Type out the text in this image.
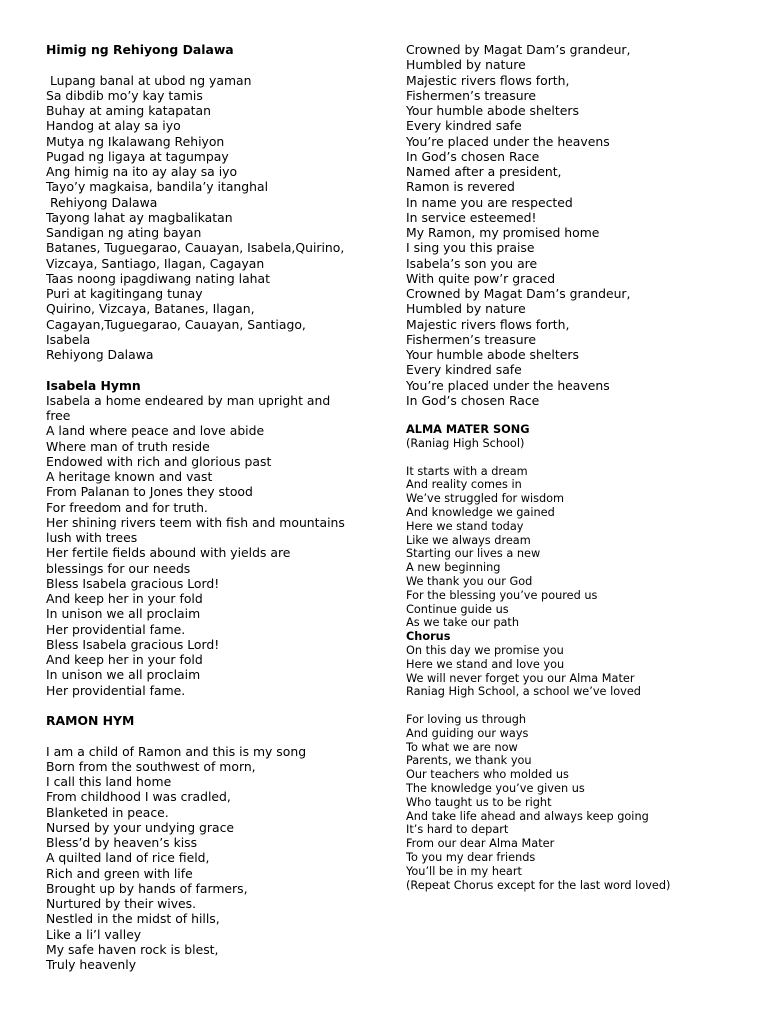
Himig ng Rehiyong Dalawa

Lupang banal at ubod ng yaman

Sa dibdib mo’y kay tamis

Buhay at aming katapatan

Handog at alay sa iyo

Mutya ng Ikalawang Rehiyon

Pugad ng ligaya at tagumpay

Ang himig na ito ay alay sa iyo

Tayo’y magkaisa, bandila’y itanghal

Rehiyong Dalawa

Tayong lahat ay magbalikatan

Sandigan ng ating bayan

Batanes, Tuguegarao, Cauayan, Isabela,Quirino,

Vizcaya, Santiago, Ilagan, Cagayan

Taas noong ipagdiwang nating lahat

Puri at kagitingang tunay

Quirino, Vizcaya, Batanes, Ilagan,

Cagayan,Tuguegarao, Cauayan, Santiago,

Isabela

Rehiyong Dalawa

Isabela Hymn

Isabela a home endeared by man upright and

free

A land where peace and love abide

Where man of truth reside

Endowed with rich and glorious past

A heritage known and vast

From Palanan to Jones they stood

For freedom and for truth.

Her shining rivers teem with fish and mountains

lush with trees

Her fertile fields abound with yields are

blessings for our needs

Bless Isabela gracious Lord!

And keep her in your fold

In unison we all proclaim

Her providential fame.

Bless Isabela gracious Lord!

And keep her in your fold

In unison we all proclaim

Her providential fame.

RAMON HYM

I am a child of Ramon and this is my song

Born from the southwest of morn,

I call this land home

From childhood I was cradled,

Blanketed in peace.

Nursed by your undying grace

Bless’d by heaven’s kiss

A quilted land of rice field,

Rich and green with life

Brought up by hands of farmers,

Nurtured by their wives.

Nestled in the midst of hills,

Like a li’l valley

My safe haven rock is blest,

Truly heavenly

Crowned by Magat Dam’s grandeur,

Humbled by nature

Majestic rivers flows forth,

Fishermen’s treasure

Your humble abode shelters

Every kindred safe

You’re placed under the heavens

In God’s chosen Race

Named after a president,

Ramon is revered

In name you are respected

In service esteemed!

My Ramon, my promised home

I sing you this praise

Isabela’s son you are

With quite pow’r graced

Crowned by Magat Dam’s grandeur,

Humbled by nature

Majestic rivers flows forth,

Fishermen’s treasure

Your humble abode shelters

Every kindred safe

You’re placed under the heavens

In God’s chosen Race

ALMA MATER SONG

(Raniag High School)

It starts with a dream

And reality comes in

We’ve struggled for wisdom

And knowledge we gained

Here we stand today

Like we always dream

Starting our lives a new

A new beginning

We thank you our God

For the blessing you’ve poured us

Continue guide us

As we take our path

Chorus

On this day we promise you

Here we stand and love you

We will never forget you our Alma Mater

Raniag High School, a school we’ve loved

For loving us through

And guiding our ways

To what we are now

Parents, we thank you

Our teachers who molded us

The knowledge you’ve given us

Who taught us to be right

And take life ahead and always keep going

It’s hard to depart

From our dear Alma Mater

To you my dear friends

You’ll be in my heart

(Repeat Chorus except for the last word loved)
